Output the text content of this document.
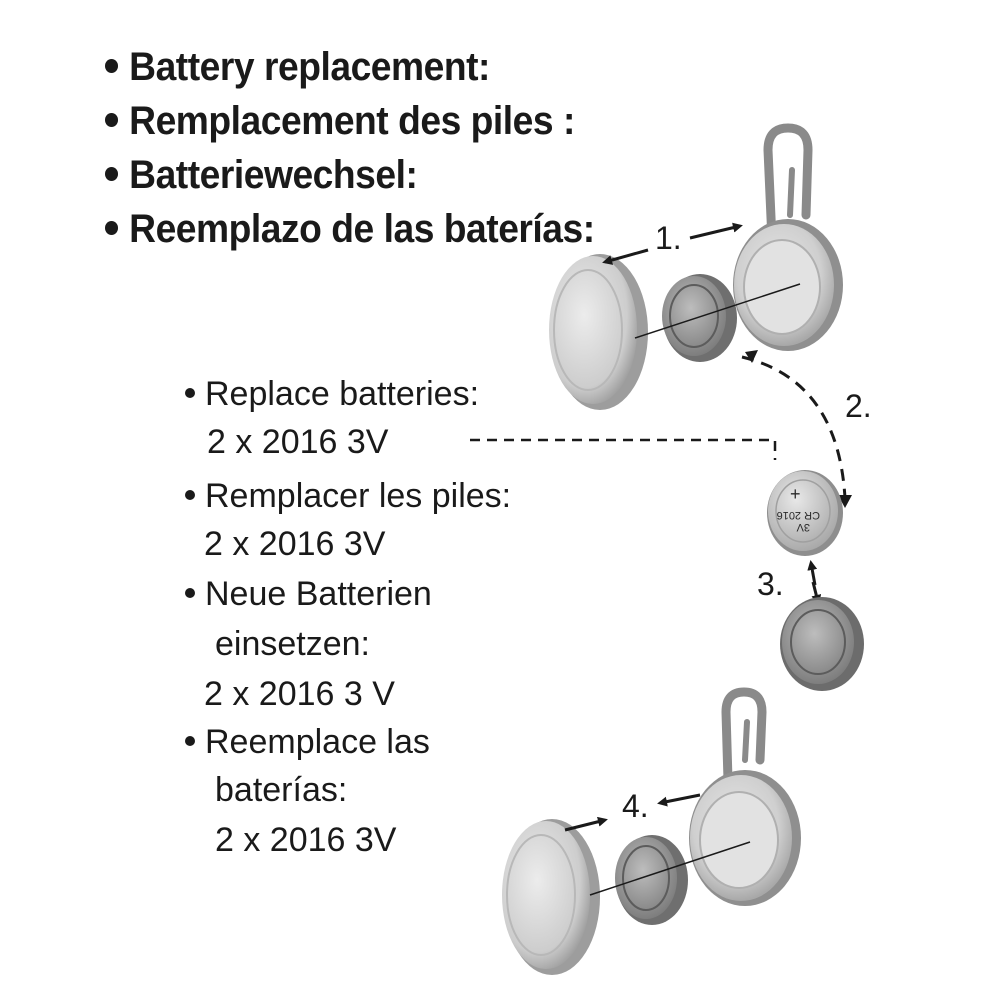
Battery replacement:
Remplacement des piles :
Batteriewechsel:
Reemplazo de las baterías:
Replace batteries:
2 x 2016 3V
Remplacer les piles:
2 x 2016 3V
Neue Batterien
einsetzen:
2 x 2016 3 V
Reemplace las
baterías:
2 x 2016 3V
1.
2.
3.
4.
+
CR 2016
3V
